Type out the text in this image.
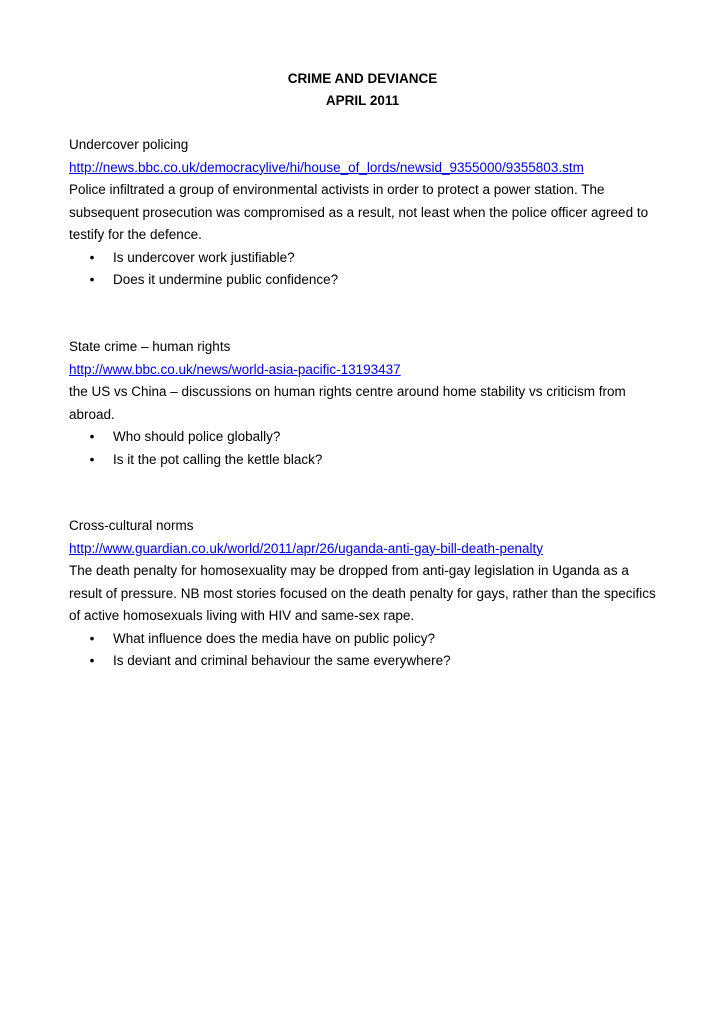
CRIME AND DEVIANCE
APRIL 2011

Undercover policing

http://news.bbc.co.uk/democracylive/hi/house_of_lords/newsid_9355000/9355803.stm

Police infiltrated a group of environmental activists in order to protect a power station. The

subsequent prosecution was compromised as a result, not least when the police officer agreed to

testify for the defence.

• Is undercover work justifiable?
• Does it undermine public confidence?

State crime – human rights

http://www.bbc.co.uk/news/world-asia-pacific-13193437

the US vs China – discussions on human rights centre around home stability vs criticism from

abroad.

• Who should police globally?
• Is it the pot calling the kettle black?

Cross-cultural norms

http://www.guardian.co.uk/world/2011/apr/26/uganda-anti-gay-bill-death-penalty

The death penalty for homosexuality may be dropped from anti-gay legislation in Uganda as a

result of pressure. NB most stories focused on the death penalty for gays, rather than the specifics

of active homosexuals living with HIV and same-sex rape.

• What influence does the media have on public policy?
• Is deviant and criminal behaviour the same everywhere?
